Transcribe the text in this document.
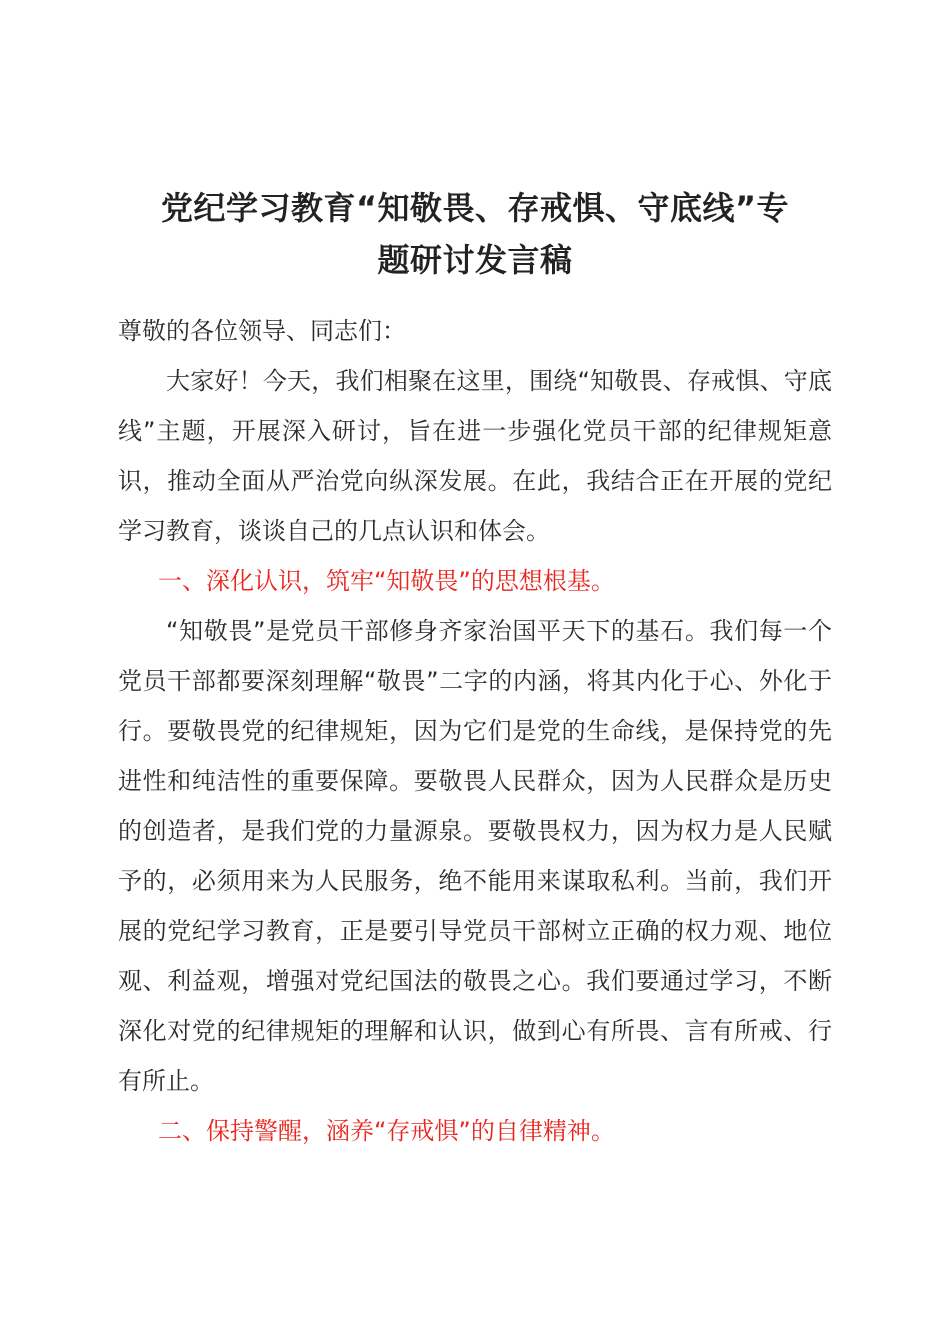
党纪学习教育“知敬畏、存戒惧、守底线”专
题研讨发言稿

尊敬的各位领导、同志们：

大家好！今天，我们相聚在这里，围绕“知敬畏、存戒惧、守底线”主题，开展深入研讨，旨在进一步强化党员干部的纪律规矩意识，推动全面从严治党向纵深发展。在此，我结合正在开展的党纪学习教育，谈谈自己的几点认识和体会。

一、深化认识，筑牢“知敬畏”的思想根基。

“知敬畏”是党员干部修身齐家治国平天下的基石。我们每一个党员干部都要深刻理解“敬畏”二字的内涵，将其内化于心、外化于行。要敬畏党的纪律规矩，因为它们是党的生命线，是保持党的先进性和纯洁性的重要保障。要敬畏人民群众，因为人民群众是历史的创造者，是我们党的力量源泉。要敬畏权力，因为权力是人民赋予的，必须用来为人民服务，绝不能用来谋取私利。当前，我们开展的党纪学习教育，正是要引导党员干部树立正确的权力观、地位观、利益观，增强对党纪国法的敬畏之心。我们要通过学习，不断深化对党的纪律规矩的理解和认识，做到心有所畏、言有所戒、行有所止。

二、保持警醒，涵养“存戒惧”的自律精神。
